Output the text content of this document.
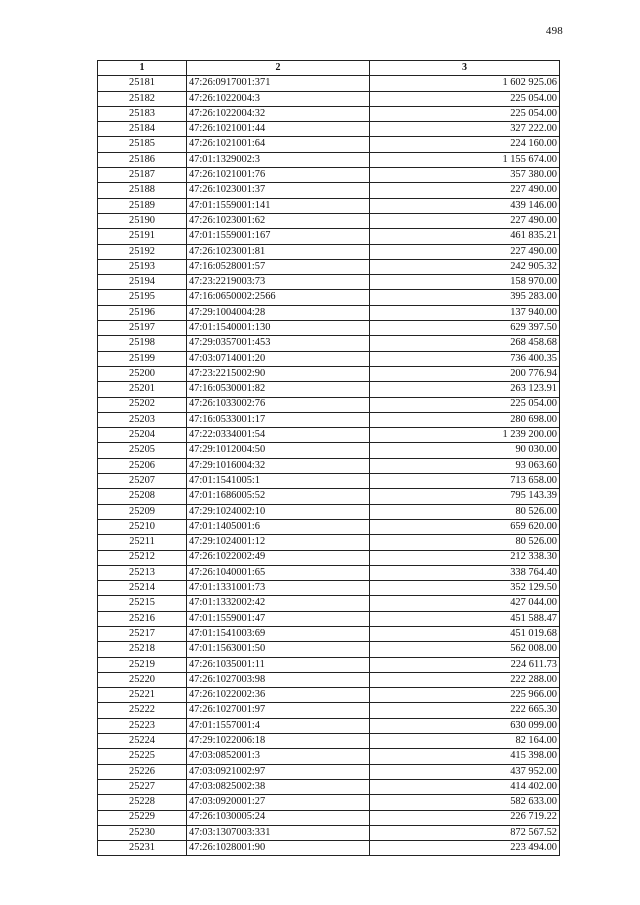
498
1	2	3
25181	47:26:0917001:371	1 602 925.06
25182	47:26:1022004:3	225 054.00
25183	47:26:1022004:32	225 054.00
25184	47:26:1021001:44	327 222.00
25185	47:26:1021001:64	224 160.00
25186	47:01:1329002:3	1 155 674.00
25187	47:26:1021001:76	357 380.00
25188	47:26:1023001:37	227 490.00
25189	47:01:1559001:141	439 146.00
25190	47:26:1023001:62	227 490.00
25191	47:01:1559001:167	461 835.21
25192	47:26:1023001:81	227 490.00
25193	47:16:0528001:57	242 905.32
25194	47:23:2219003:73	158 970.00
25195	47:16:0650002:2566	395 283.00
25196	47:29:1004004:28	137 940.00
25197	47:01:1540001:130	629 397.50
25198	47:29:0357001:453	268 458.68
25199	47:03:0714001:20	736 400.35
25200	47:23:2215002:90	200 776.94
25201	47:16:0530001:82	263 123.91
25202	47:26:1033002:76	225 054.00
25203	47:16:0533001:17	280 698.00
25204	47:22:0334001:54	1 239 200.00
25205	47:29:1012004:50	90 030.00
25206	47:29:1016004:32	93 063.60
25207	47:01:1541005:1	713 658.00
25208	47:01:1686005:52	795 143.39
25209	47:29:1024002:10	80 526.00
25210	47:01:1405001:6	659 620.00
25211	47:29:1024001:12	80 526.00
25212	47:26:1022002:49	212 338.30
25213	47:26:1040001:65	338 764.40
25214	47:01:1331001:73	352 129.50
25215	47:01:1332002:42	427 044.00
25216	47:01:1559001:47	451 588.47
25217	47:01:1541003:69	451 019.68
25218	47:01:1563001:50	562 008.00
25219	47:26:1035001:11	224 611.73
25220	47:26:1027003:98	222 288.00
25221	47:26:1022002:36	225 966.00
25222	47:26:1027001:97	222 665.30
25223	47:01:1557001:4	630 099.00
25224	47:29:1022006:18	82 164.00
25225	47:03:0852001:3	415 398.00
25226	47:03:0921002:97	437 952.00
25227	47:03:0825002:38	414 402.00
25228	47:03:0920001:27	582 633.00
25229	47:26:1030005:24	226 719.22
25230	47:03:1307003:331	872 567.52
25231	47:26:1028001:90	223 494.00
